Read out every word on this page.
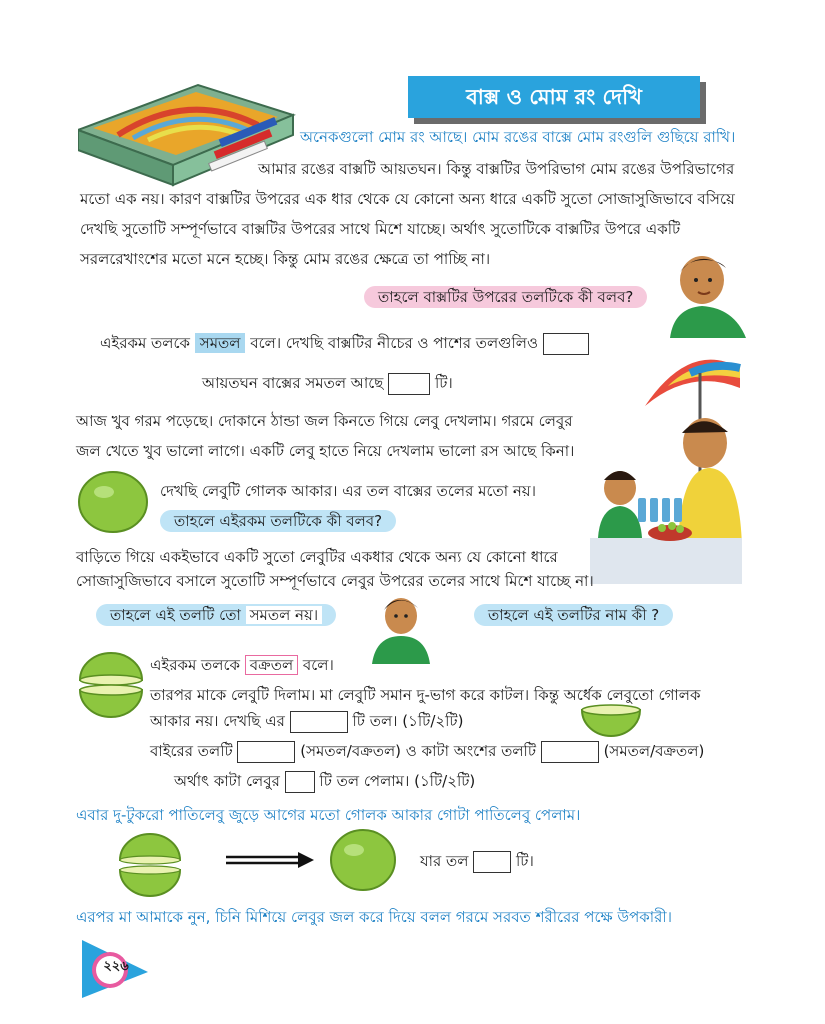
বাক্স ও মোম রং দেখি
অনেকগুলো মোম রং আছে। মোম রঙের বাক্সে মোম রংগুলি গুছিয়ে রাখি।
আমার রঙের বাক্সটি আয়তঘন। কিন্তু বাক্সটির উপরিভাগ মোম রঙের উপরিভাগের
মতো এক নয়। কারণ বাক্সটির উপরের এক ধার থেকে যে কোনো অন্য ধারে একটি সুতো সোজাসুজিভাবে বসিয়ে
দেখছি সুতোটি সম্পূর্ণভাবে বাক্সটির উপরের সাথে মিশে যাচ্ছে। অর্থাৎ সুতোটিকে বাক্সটির উপরে একটি
সরলরেখাংশের মতো মনে হচ্ছে। কিন্তু মোম রঙের ক্ষেত্রে তা পাচ্ছি না।
তাহলে বাক্সটির উপরের তলটিকে কী বলব?
এইরকম তলকে সমতল বলে। দেখছি বাক্সটির নীচের ও পাশের তলগুলিও
আয়তঘন বাক্সের সমতল আছে	টি।
আজ খুব গরম পড়েছে। দোকানে ঠান্ডা জল কিনতে গিয়ে লেবু দেখলাম। গরমে লেবুর
জল খেতে খুব ভালো লাগে। একটি লেবু হাতে নিয়ে দেখলাম ভালো রস আছে কিনা।
দেখছি লেবুটি গোলক আকার। এর তল বাক্সের তলের মতো নয়।
তাহলে এইরকম তলটিকে কী বলব?
বাড়িতে গিয়ে একইভাবে একটি সুতো লেবুটির একধার থেকে অন্য যে কোনো ধারে
সোজাসুজিভাবে বসালে সুতোটি সম্পূর্ণভাবে লেবুর উপরের তলের সাথে মিশে যাচ্ছে না।
তাহলে এই তলটি তো সমতল নয়।	তাহলে এই তলটির নাম কী ?
এইরকম তলকে বক্রতল বলে।
তারপর মাকে লেবুটি দিলাম। মা লেবুটি সমান দু-ভাগ করে কাটল। কিন্তু অর্ধেক লেবুতো গোলক
আকার নয়। দেখছি এর	টি তল। (১টি/২টি)
বাইরের তলটি	(সমতল/বক্রতল) ও কাটা অংশের তলটি	(সমতল/বক্রতল)
অর্থাৎ কাটা লেবুর	টি তল পেলাম। (১টি/২টি)
এবার দু-টুকরো পাতিলেবু জুড়ে আগের মতো গোলক আকার গোটা পাতিলেবু পেলাম।
যার তল	টি।
এরপর মা আমাকে নুন, চিনি মিশিয়ে লেবুর জল করে দিয়ে বলল গরমে সরবত শরীরের পক্ষে উপকারী।
২২৬
